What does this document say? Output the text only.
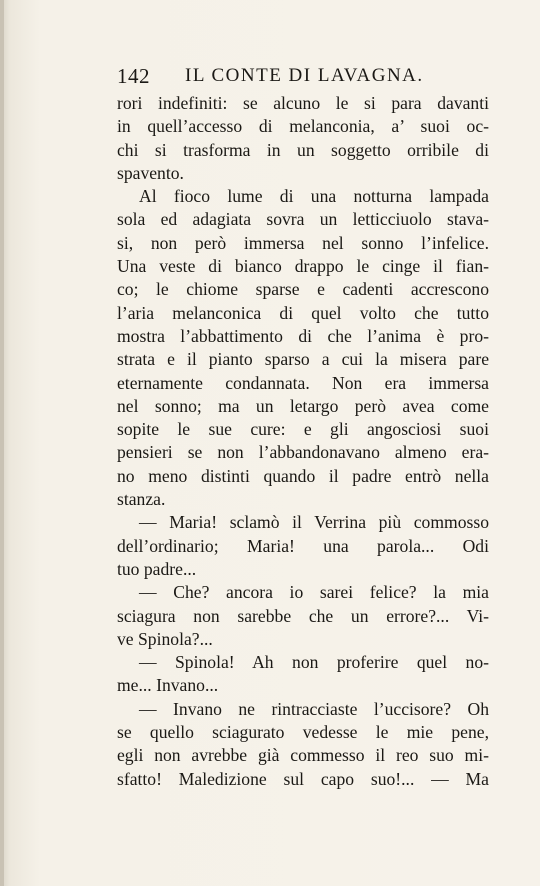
142 IL CONTE DI LAVAGNA.
rori indefiniti: se alcuno le si para davanti
in quell’accesso di melanconia, a’ suoi oc-
chi si trasforma in un soggetto orribile di
spavento.
Al fioco lume di una notturna lampada
sola ed adagiata sovra un letticciuolo stava-
si, non però immersa nel sonno l’infelice.
Una veste di bianco drappo le cinge il fian-
co; le chiome sparse e cadenti accrescono
l’aria melanconica di quel volto che tutto
mostra l’abbattimento di che l’anima è pro-
strata e il pianto sparso a cui la misera pare
eternamente condannata. Non era immersa
nel sonno; ma un letargo però avea come
sopite le sue cure: e gli angosciosi suoi
pensieri se non l’abbandonavano almeno era-
no meno distinti quando il padre entrò nella
stanza.
— Maria! sclamò il Verrina più commosso
dell’ordinario; Maria! una parola... Odi
tuo padre...
— Che? ancora io sarei felice? la mia
sciagura non sarebbe che un errore?... Vi-
ve Spinola?...
— Spinola! Ah non proferire quel no-
me... Invano...
— Invano ne rintracciaste l’uccisore? Oh
se quello sciagurato vedesse le mie pene,
egli non avrebbe già commesso il reo suo mi-
sfatto! Maledizione sul capo suo!... — Ma
